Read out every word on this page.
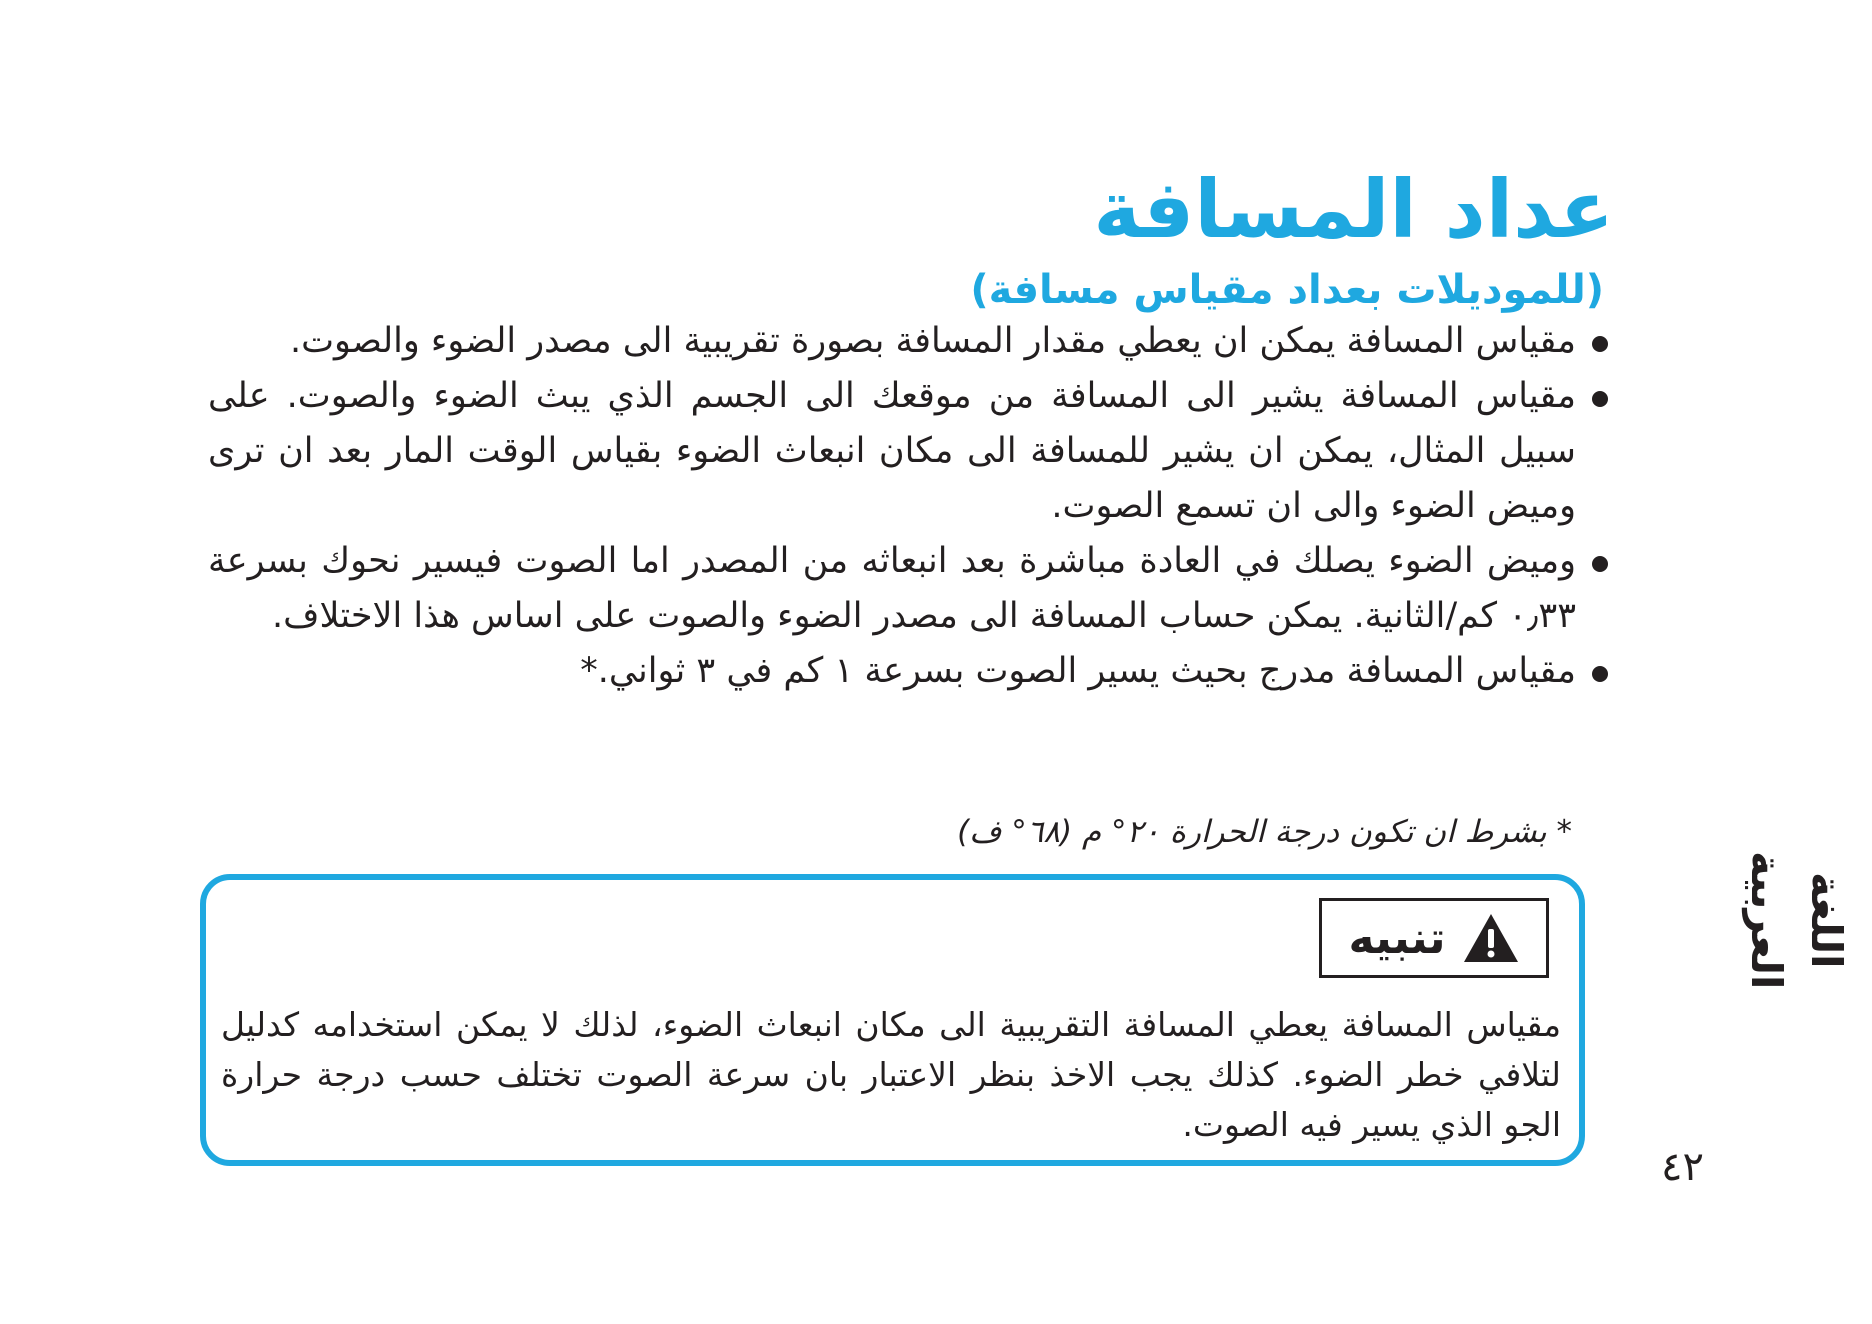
عداد المسافة
(للموديلات بعداد مقياس مسافة)
مقياس المسافة يمكن ان يعطي مقدار المسافة بصورة تقريبية الى مصدر الضوء والصوت.
مقياس المسافة يشير الى المسافة من موقعك الى الجسم الذي يبث الضوء والصوت. على سبيل المثال، يمكن ان يشير للمسافة الى مكان انبعاث الضوء بقياس الوقت المار بعد ان ترى وميض الضوء والى ان تسمع الصوت.
وميض الضوء يصلك في العادة مباشرة بعد انبعاثه من المصدر اما الصوت فيسير نحوك بسرعة ٠٫٣٣ كم/الثانية. يمكن حساب المسافة الى مصدر الضوء والصوت على اساس هذا الاختلاف.
مقياس المسافة مدرج بحيث يسير الصوت بسرعة ١ كم في ٣ ثواني.*

* بشرط ان تكون درجة الحرارة ٢٠° م (٦٨° ف)

تنبيه

مقياس المسافة يعطي المسافة التقريبية الى مكان انبعاث الضوء، لذلك لا يمكن استخدامه كدليل لتلافي خطر الضوء. كذلك يجب الاخذ بنظر الاعتبار بان سرعة الصوت تختلف حسب درجة حرارة الجو الذي يسير فيه الصوت.

اللغة العربية
٤٢
